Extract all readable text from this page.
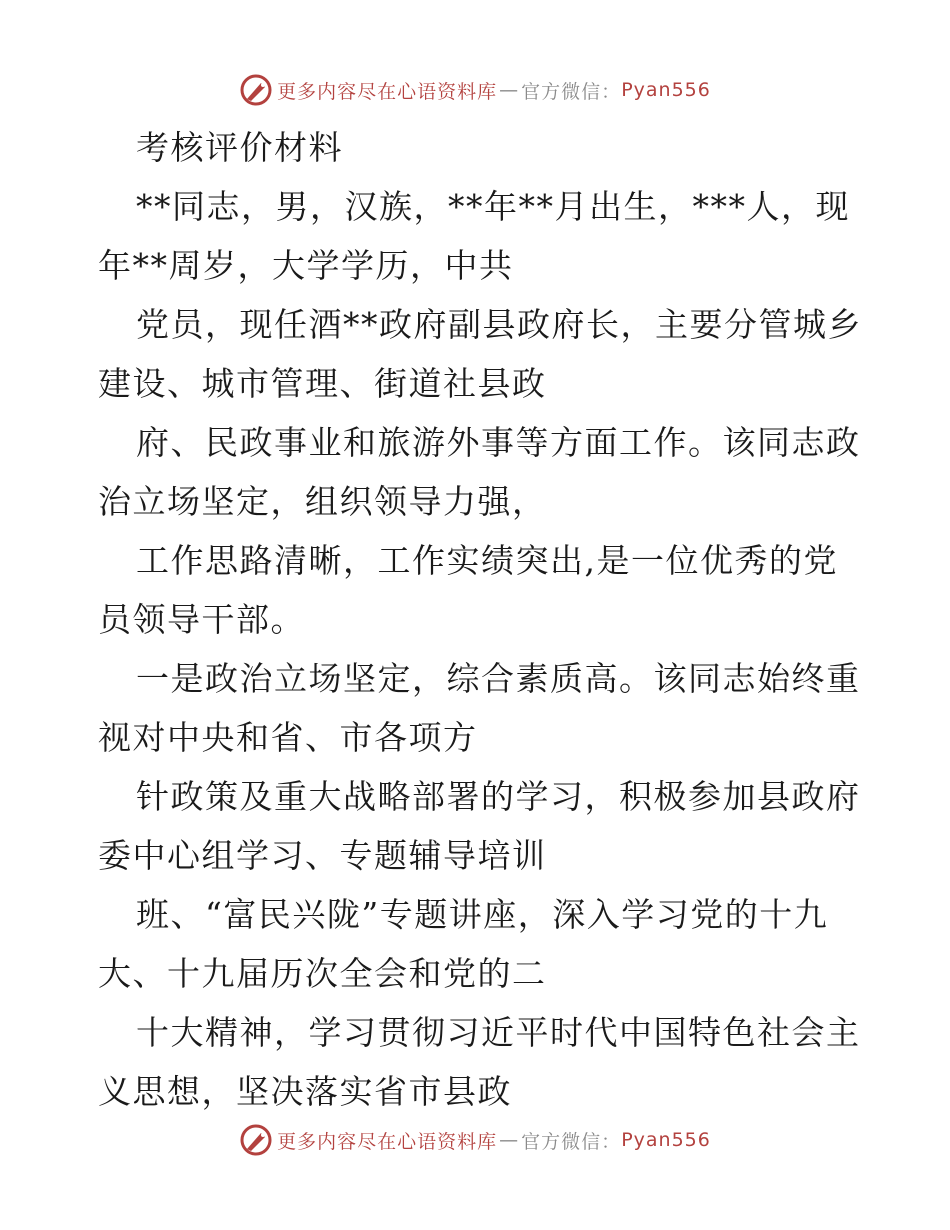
更多内容尽在心语资料库 — 官方微信： Pyan556
考核评价材料
**同志，男，汉族，**年**月出生，***人，现
年**周岁，大学学历，中共
党员，现任酒**政府副县政府长，主要分管城乡
建设、城市管理、街道社县政
府、民政事业和旅游外事等方面工作。该同志政
治立场坚定，组织领导力强，
工作思路清晰，工作实绩突出,是一位优秀的党
员领导干部。
一是政治立场坚定，综合素质高。该同志始终重
视对中央和省、市各项方
针政策及重大战略部署的学习，积极参加县政府
委中心组学习、专题辅导培训
班、“富民兴陇”专题讲座，深入学习党的十九
大、十九届历次全会和党的二
十大精神，学习贯彻习近平时代中国特色社会主
义思想，坚决落实省市县政
更多内容尽在心语资料库 — 官方微信： Pyan556
